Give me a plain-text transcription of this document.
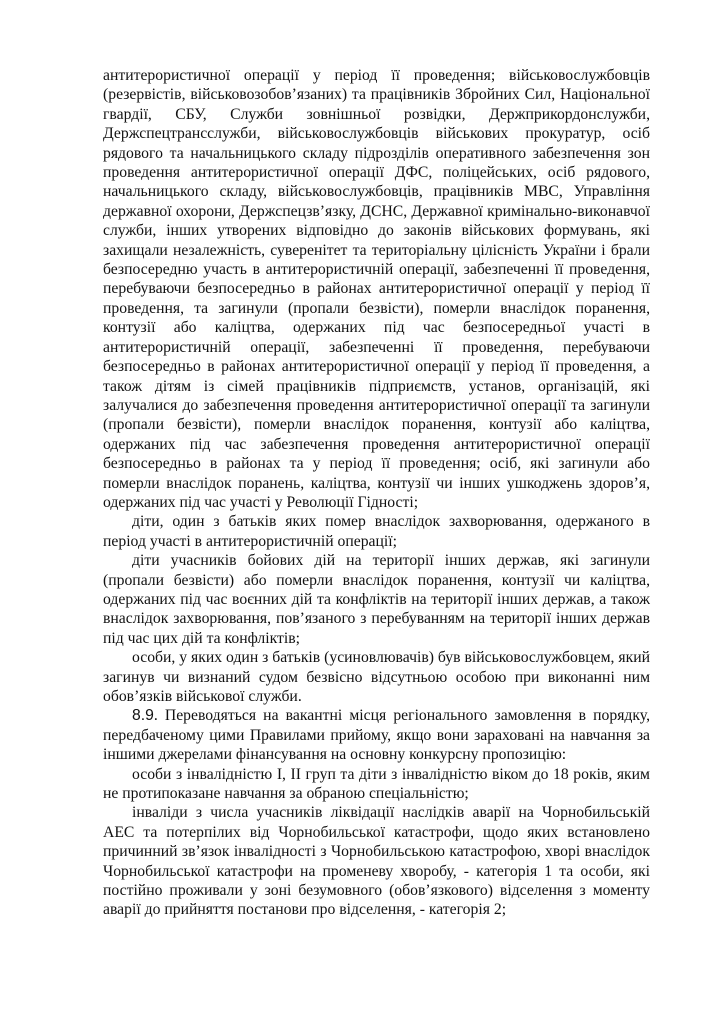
антитерористичної операції у період її проведення; військовослужбовців (резервістів, військовозобов’язаних) та працівників Збройних Сил, Національної гвардії, СБУ, Служби зовнішньої розвідки, Держприкордонслужби, Держспецтрансслужби, військовослужбовців військових прокуратур, осіб рядового та начальницького складу підрозділів оперативного забезпечення зон проведення антитерористичної операції ДФС, поліцейських, осіб рядового, начальницького складу, військовослужбовців, працівників МВС, Управління державної охорони, Держспецзв’язку, ДСНС, Державної кримінально-виконавчої служби, інших утворених відповідно до законів військових формувань, які захищали незалежність, суверенітет та територіальну цілісність України і брали безпосередню участь в антитерористичній операції, забезпеченні її проведення, перебуваючи безпосередньо в районах антитерористичної операції у період її проведення, та загинули (пропали безвісти), померли внаслідок поранення, контузії або каліцтва, одержаних під час безпосередньої участі в антитерористичній операції, забезпеченні її проведення, перебуваючи безпосередньо в районах антитерористичної операції у період її проведення, а також дітям із сімей працівників підприємств, установ, організацій, які залучалися до забезпечення проведення антитерористичної операції та загинули (пропали безвісти), померли внаслідок поранення, контузії або каліцтва, одержаних під час забезпечення проведення антитерористичної операції безпосередньо в районах та у період її проведення; осіб, які загинули або померли внаслідок поранень, каліцтва, контузії чи інших ушкоджень здоров’я, одержаних під час участі у Революції Гідності;

діти, один з батьків яких помер внаслідок захворювання, одержаного в період участі в антитерористичній операції;

діти учасників бойових дій на території інших держав, які загинули (пропали безвісти) або померли внаслідок поранення, контузії чи каліцтва, одержаних під час воєнних дій та конфліктів на території інших держав, а також внаслідок захворювання, пов’язаного з перебуванням на території інших держав під час цих дій та конфліктів;

особи, у яких один з батьків (усиновлювачів) був військовослужбовцем, який загинув чи визнаний судом безвісно відсутньою особою при виконанні ним обов’язків військової служби.

8.9. Переводяться на вакантні місця регіонального замовлення в порядку, передбаченому цими Правилами прийому, якщо вони зараховані на навчання за іншими джерелами фінансування на основну конкурсну пропозицію:

особи з інвалідністю I, II груп та діти з інвалідністю віком до 18 років, яким не протипоказане навчання за обраною спеціальністю;

інваліди з числа учасників ліквідації наслідків аварії на Чорнобильській АЕС та потерпілих від Чорнобильської катастрофи, щодо яких встановлено причинний зв’язок інвалідності з Чорнобильською катастрофою, хворі внаслідок Чорнобильської катастрофи на променеву хворобу, - категорія 1 та особи, які постійно проживали у зоні безумовного (обов’язкового) відселення з моменту аварії до прийняття постанови про відселення, - категорія 2;
